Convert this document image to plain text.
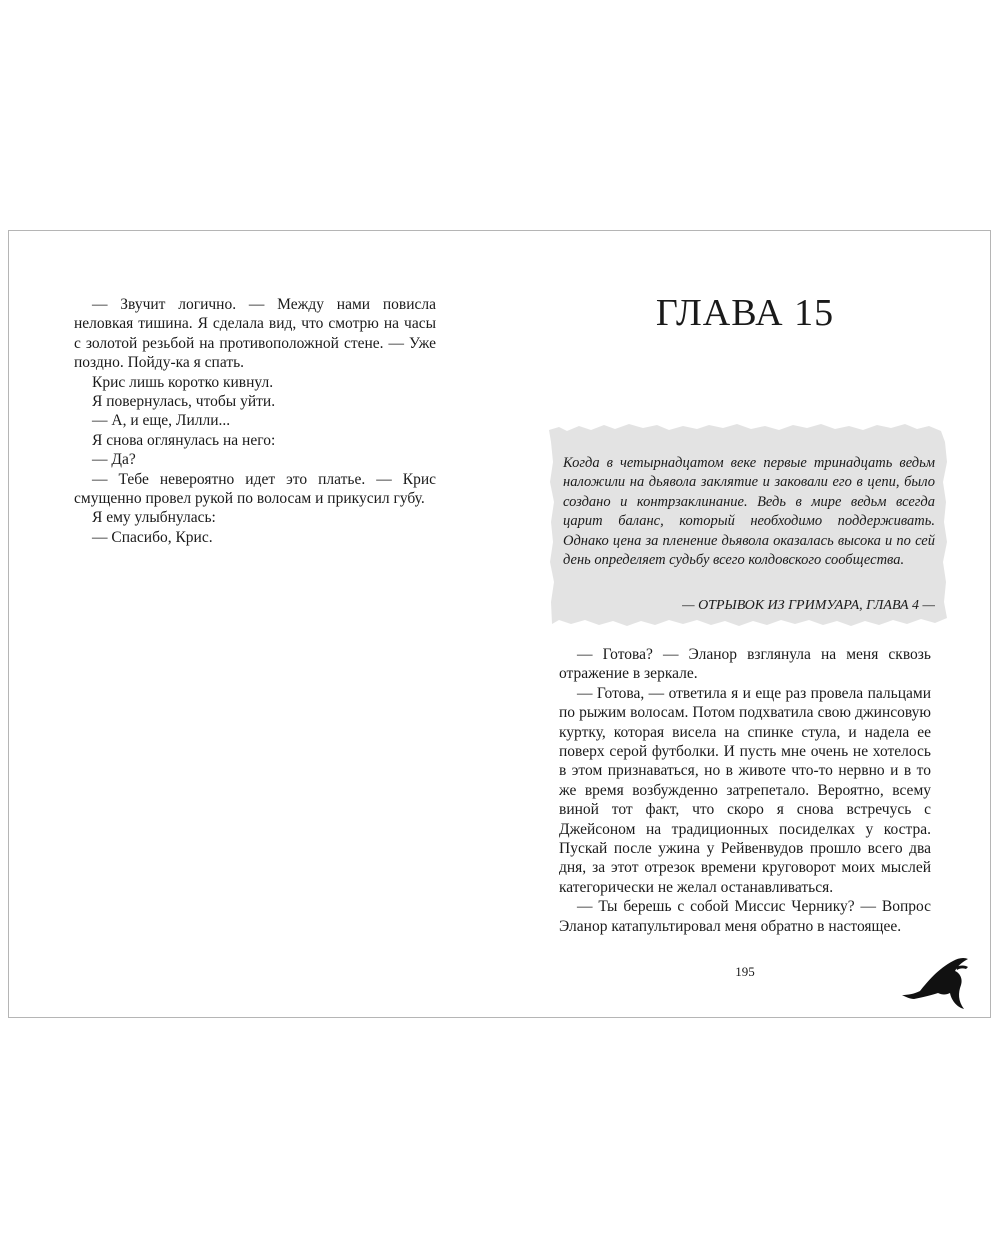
— Звучит логично. — Между нами повисла неловкая тишина. Я сделала вид, что смотрю на часы с золотой резьбой на противоположной стене. — Уже поздно. Пойду-ка я спать.

Крис лишь коротко кивнул.

Я повернулась, чтобы уйти.

— А, и еще, Лилли...

Я снова оглянулась на него:

— Да?

— Тебе невероятно идет это платье. — Крис смущенно провел рукой по волосам и прикусил губу.

Я ему улыбнулась:

— Спасибо, Крис.

ГЛАВА 15

Когда в четырнадцатом веке первые тринадцать ведьм наложили на дьявола заклятие и заковали его в цепи, было создано и контрзаклинание. Ведь в мире ведьм всегда царит баланс, который необходимо поддерживать. Однако цена за пленение дьявола оказалась высока и по сей день определяет судьбу всего колдовского сообщества.

— ОТРЫВОК ИЗ ГРИМУАРА, ГЛАВА 4 —

— Готова? — Эланор взглянула на меня сквозь отражение в зеркале.

— Готова, — ответила я и еще раз провела пальцами по рыжим волосам. Потом подхватила свою джинсовую куртку, которая висела на спинке стула, и надела ее поверх серой футболки. И пусть мне очень не хотелось в этом признаваться, но в животе что-то нервно и в то же время возбужденно затрепетало. Вероятно, всему виной тот факт, что скоро я снова встречусь с Джейсоном на традиционных посиделках у костра. Пускай после ужина у Рейвенвудов прошло всего два дня, за этот отрезок времени круговорот моих мыслей категорически не желал останавливаться.

— Ты берешь с собой Миссис Чернику? — Вопрос Эланор катапультировал меня обратно в настоящее.

195
